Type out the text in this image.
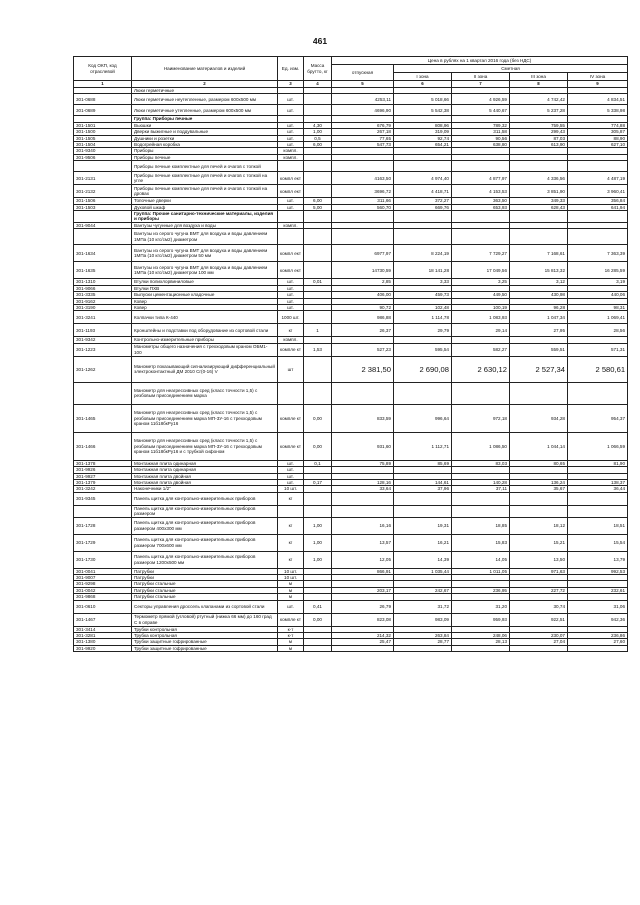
461
Код ОКП, код отраслевой	Наименование материалов и изделий	Ед. изм.	Масса брутто, кг	Цена в рублях на 1 квартал 2016 года (без НДС)				
				отпускная	Сметная			
					I зона	II зона	III зона	IV зона
1	2	3	4	5	6	7	8	9
	Люки герметичные							
301-0688	Люки герметичные неутепленные, размером 600х500 мм	шт.		4253,11	5 018,66	4 926,59	4 742,42	4 834,51
301-0689	Люки герметичные утепленные, размером 600х500 мм	шт.		4696,90	5 542,38	5 440,67	5 237,28	5 338,98
	Группа: Приборы печные							
301-1501	Вьюшки	шт.	4,30	676,79	808,96	789,32	759,55	774,88
301-1500	Дверки выжигные и поддувальные	шт.	1,00	267,18	319,09	311,58	299,43	305,87
301-1505	Душники и розетки	шт.	0,5	77,65	92,74	90,56	87,03	88,90
301-1504	Водогрейная коробка	шт.	6,00	547,73	654,21	638,80	613,90	627,10
301-9340	Приборы	компл.						
301-9506	Приборы печные	компл.						
	Приборы печные комплектные для печей и очагов с топкой							
301-2131	Приборы печные комплектные для печей и очагов с топкой на угле	компл ект		4163,50	4 974,40	4 877,97	4 336,56	4 487,19
301-2132	Приборы печные комплектные для печей и очагов с топкой на дровах	компл ект		3696,72	4 418,71	4 153,53	3 851,90	3 960,41
301-1506	Топочные дверки	шт.	6,00	311,66	372,27	363,50	349,33	356,84
301-1503	Духовой шкаф	шт.	5,00	560,70	669,76	653,93	628,43	641,94
	Группа: Прочие санитарно-технические материалы, изделия и приборы							
301-9044	Вантузы чугунные для воздуха и воды	компл.						
	Вантузы из серого чугуна ВМТ для воздуха и воды давлением 1МПа (10 кгс/см2) диаметром							
301-1634	Вантузы из серого чугуна ВМТ для воздуха и воды давлением 1МПа (10 кгс/см2) диаметром 50 мм	компл ект		6977,97	8 224,19	7 729,27	7 168,61	7 363,39
301-1635	Вантузы из серого чугуна ВМТ для воздуха и воды давлением 1МПа (10 кгс/см2) диаметром 100 мм	компл ект		14730,59	18 141,28	17 049,56	15 813,32	16 285,59
301-1310	Втулки полихлорвиниловые	шт.	0,01	2,85	3,33	3,25	3,12	3,19
301-9066	Втулки ПХВ	шт.						
301-3335	Выпуски цементационные кладочные	шт.		406,00	459,73	449,50	430,98	440,06
301-9162	Ковер	шт.						
301-3190	Ковер	шт.		90,72	102,48	100,19	96,28	98,31
301-3241	Колпачки типа К-440	1000 шт.		986,88	1 114,78	1 083,93	1 047,34	1 069,41
301-1193	Кронштейны и подставки под оборудование из сортовой стали	кг	1	26,37	29,79	29,14	27,95	28,56
301-9342	Контрольно-измерительные приборы	компл.						
301-1223	Манометры общего назначения с трехходовым краном ОБМ1-100	компле кт	1,53	527,23	595,54	582,27	559,51	571,31
301-1262	Манометр показывающий сигнализирующий дифференциальный электроконтактный ДМ 2010 Сг(0-16) V	шт		2 381,50	2 690,08	2 630,12	2 527,34	2 580,61
	Манометр для неагрессивных сред (класс точности 1,5) с резбовым присоединением марка							
301-1465	Манометр для неагрессивных сред (класс точности 1,5) с резбовым присоединением марка МП-3У-16 с трехходовым краном 11б18бкРу16	компле кт	0,00	833,59	996,64	972,18	934,28	954,37
301-1466	Манометр для неагрессивных сред (класс точности 1,5) с резбовым присоединением марка МП-3У-16 с трехходовым краном 11б18бкРу16 и с трубкой сифоном	компле кт	0,00	931,60	1 112,71	1 086,50	1 044,14	1 066,59
301-1378	Монтажная плита одинарная	шт.	0,1	75,89	85,69	83,03	80,65	81,90
301-9926	Монтажная плита одинарная	шт.						
301-9927	Монтажная плита двойная	шт.						
301-1379	Монтажная плита двойная	шт.	0,17	128,16	144,61	140,28	136,24	138,37
301-3242	Наконечники 1/2"	10 шт.		33,64	37,96	37,11	35,67	36,44
301-9345	Панель щитка для контрольно-измерительных приборов	кг						
	Панель щитка для контрольно-измерительных приборов размером							
301-1728	Панель щитка для контрольно-измерительных приборов размером 400х300 мм	кг	1,00	16,16	19,31	18,85	18,12	18,51
301-1729	Панель щитка для контрольно-измерительных приборов размером 700х600 мм	кг	1,00	13,57	16,21	15,83	15,21	15,54
301-1730	Панель щитка для контрольно-измерительных приборов размером 1200х500 мм	кг	1,00	12,05	14,39	14,05	13,50	13,79
301-0041	Патрубки	10 шт.		866,91	1 035,44	1 011,05	971,63	992,53
301-9007	Патрубки	10 шт.						
301-9298	Патрубки стальные	м						
301-0042	Патрубки стальные	м		203,17	242,67	236,95	227,72	232,61
301-9868	Патрубки стальные	м						
301-0610	Секторы управления дроссель клапанами из сортовой стали	шт.	0,41	26,79	31,72	31,20	30,74	31,06
301-1467	Термометр прямой (угловой) ртутный (нижка 66 мм) до 160 град С в оправе	компле кт	0,00	823,08	983,09	959,93	922,51	942,36
301-3414	Трубки контрольная	к-т						
301-3281	Трубка контрольная	к-т		214,32	263,84	248,06	230,07	236,86
301-1380	Трубки защитные гофрированные	м		25,47	28,77	28,13	27,04	27,60
301-9920	Трубки защитные гофрированные	м						
